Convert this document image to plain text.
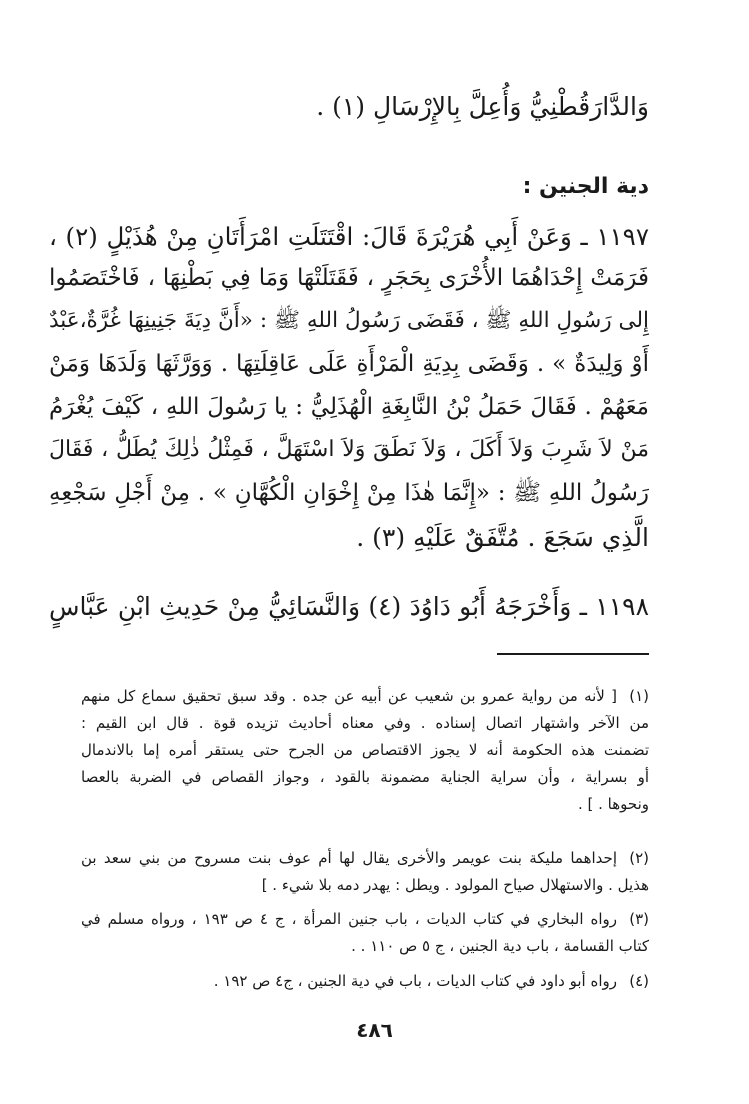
وَالدَّارَقُطْنِيُّ وَأُعِلَّ بِالإِرْسَالِ (١) .
دية الجنين :
١١٩٧ ـ وَعَنْ أَبِي هُرَيْرَةَ قَالَ: اقْتَتَلَتِ امْرَأَتَانِ مِنْ هُذَيْلٍ (٢) ،
فَرَمَتْ إِحْدَاهُمَا الأُخْرَى بِحَجَرٍ ، فَقَتَلَتْهَا وَمَا فِي بَطْنِهَا ، فَاخْتَصَمُوا
إِلى رَسُولِ اللهِ ﷺ ، فَقَضَى رَسُولُ اللهِ ﷺ : «أَنَّ دِيَةَ جَنِينِهَا غُرَّةٌ،عَبْدٌ
أَوْ وَلِيدَةٌ » . وَقَضَى بِدِيَةِ الْمَرْأَةِ عَلَى عَاقِلَتِهَا . وَوَرَّثَهَا وَلَدَهَا وَمَنْ
مَعَهُمْ . فَقَالَ حَمَلُ بْنُ النَّابِغَةِ الْهُذَلِيُّ : يا رَسُولَ اللهِ ، كَيْفَ يُغْرَمُ
مَنْ لاَ شَرِبَ وَلاَ أَكَلَ ، وَلاَ نَطَقَ وَلاَ اسْتَهَلَّ ، فَمِثْلُ ذٰلِكَ يُطَلُّ ، فَقَالَ
رَسُولُ اللهِ ﷺ : «إِنَّمَا هٰذَا مِنْ إِخْوَانِ الْكُهَّانِ » . مِنْ أَجْلِ سَجْعِهِ
الَّذِي سَجَعَ . مُتَّفَقٌ عَلَيْهِ (٣) .
١١٩٨ ـ وَأَخْرَجَهُ أَبُو دَاوُدَ (٤) وَالنَّسَائِيُّ مِنْ حَدِيثِ ابْنِ عَبَّاسٍ
(١)
[ لأنه من رواية عمرو بن شعيب عن أبيه عن جده . وقد سبق تحقيق سماع كل منهم
من الآخر واشتهار اتصال إسناده . وفي معناه أحاديث تزيده قوة . قال ابن القيم :
تضمنت هذه الحكومة أنه لا يجوز الاقتصاص من الجرح حتى يستقر أمره إما بالاندمال
أو بسراية ، وأن سراية الجناية مضمونة بالقود ، وجواز القصاص في الضربة بالعصا
ونحوها . ] .
(٢)
إحداهما مليكة بنت عويمر والأخرى يقال لها أم عوف بنت مسروح من بني سعد بن
هذيل . والاستهلال صياح المولود . ويطل : يهدر دمه بلا شيء . ]
(٣)
رواه البخاري في كتاب الديات ، باب جنين المرأة ، ج ٤ ص ١٩٣ ، ورواه مسلم في
كتاب القسامة ، باب دية الجنين ، ج ٥ ص ١١٠ . .
(٤)
رواه أبو داود في كتاب الديات ، باب في دية الجنين ، ج٤ ص ١٩٢ .
٤٨٦
